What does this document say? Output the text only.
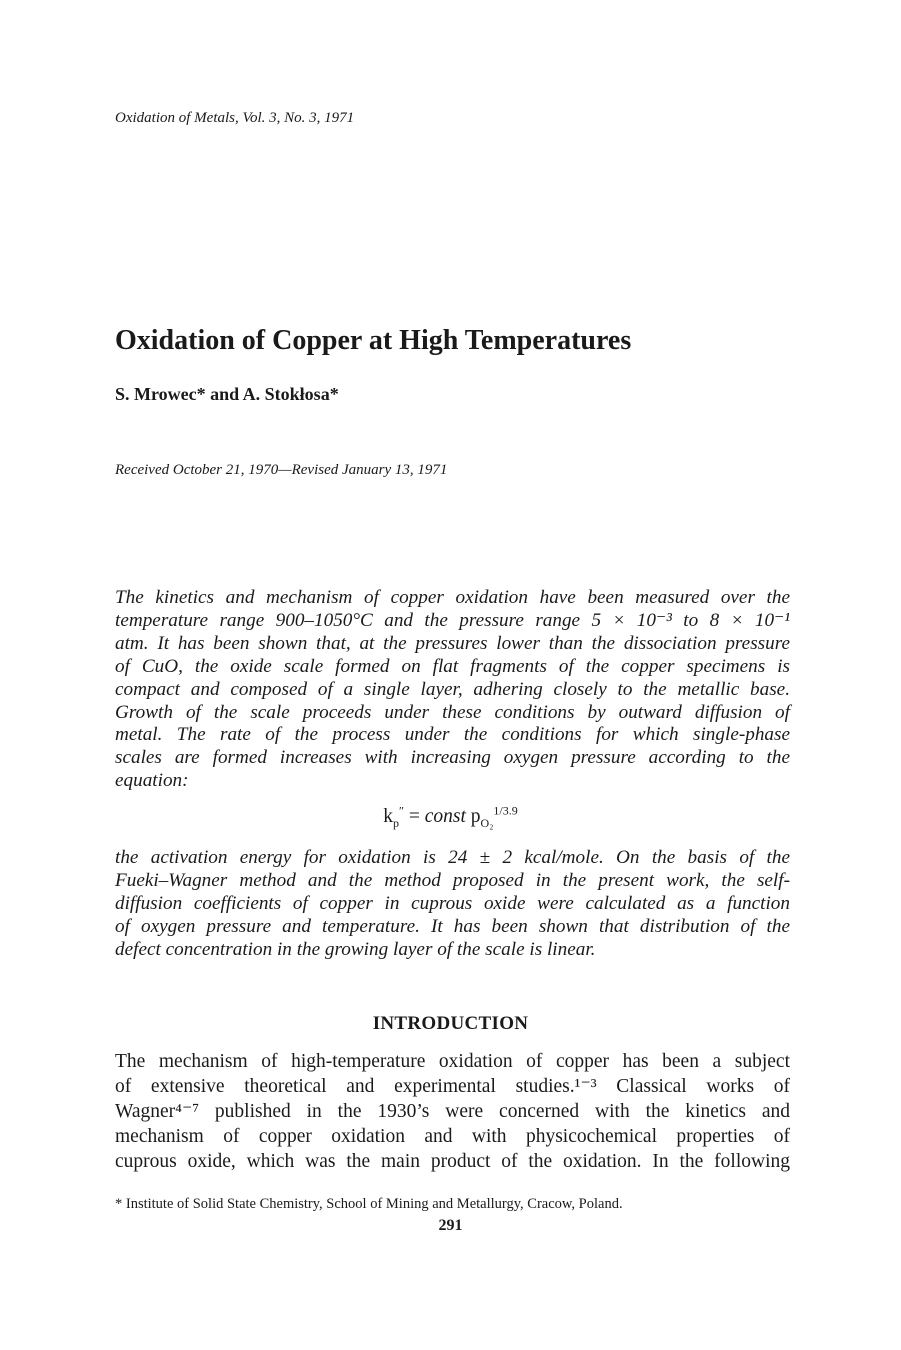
Oxidation of Metals, Vol. 3, No. 3, 1971
Oxidation of Copper at High Temperatures
S. Mrowec* and A. Stokłosa*
Received October 21, 1970—Revised January 13, 1971
The kinetics and mechanism of copper oxidation have been measured over the
temperature range 900–1050°C and the pressure range 5 × 10⁻³ to 8 × 10⁻¹
atm. It has been shown that, at the pressures lower than the dissociation pressure
of CuO, the oxide scale formed on flat fragments of the copper specimens is
compact and composed of a single layer, adhering closely to the metallic base.
Growth of the scale proceeds under these conditions by outward diffusion of
metal. The rate of the process under the conditions for which single-phase
scales are formed increases with increasing oxygen pressure according to the
equation:
$k_p''$ = const $p_{O_2}^{1/3.9}$
the activation energy for oxidation is 24 ± 2 kcal/mole. On the basis of the
Fueki–Wagner method and the method proposed in the present work, the self-
diffusion coefficients of copper in cuprous oxide were calculated as a function
of oxygen pressure and temperature. It has been shown that distribution of the
defect concentration in the growing layer of the scale is linear.
INTRODUCTION
The mechanism of high-temperature oxidation of copper has been a subject
of extensive theoretical and experimental studies.¹⁻³ Classical works of
Wagner⁴⁻⁷ published in the 1930’s were concerned with the kinetics and
mechanism of copper oxidation and with physicochemical properties of
cuprous oxide, which was the main product of the oxidation. In the following
* Institute of Solid State Chemistry, School of Mining and Metallurgy, Cracow, Poland.
291
